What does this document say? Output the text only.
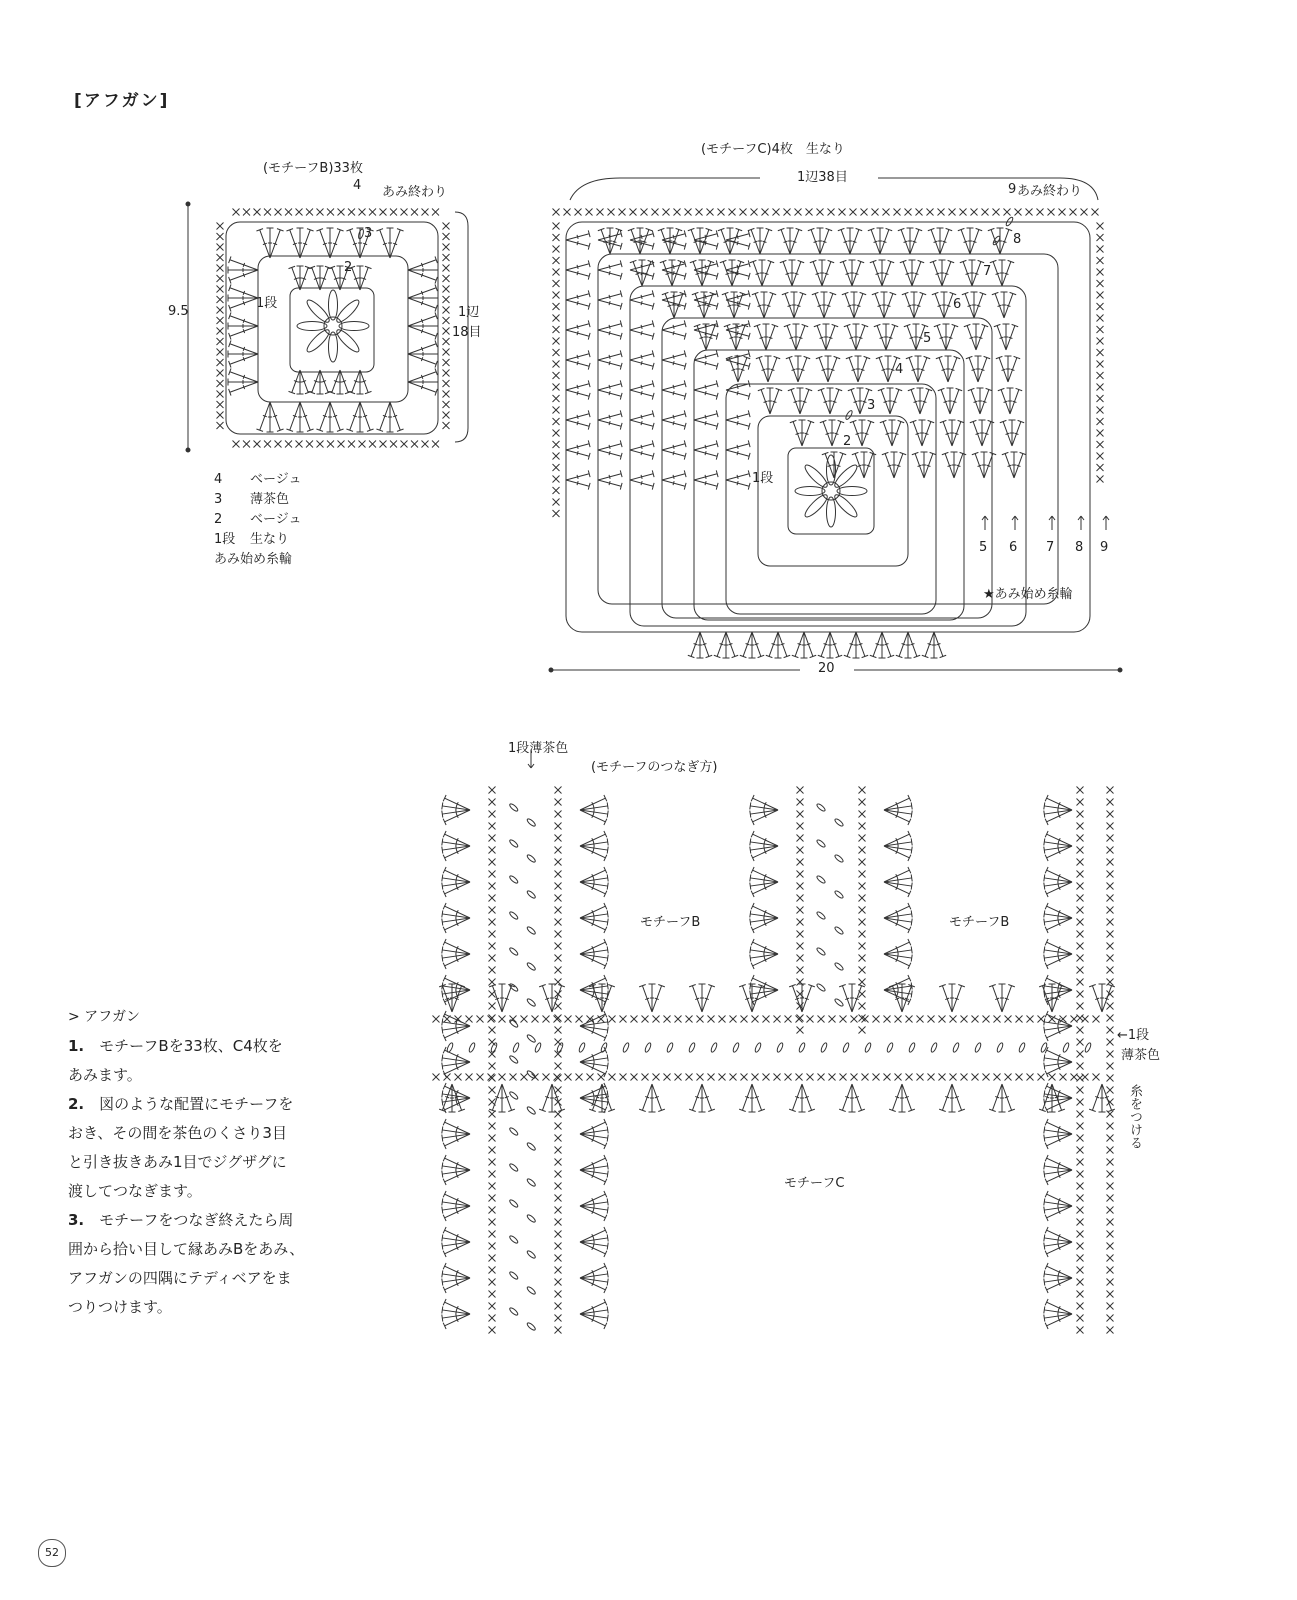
[アフガン]
(モチーフB)33枚
9.5	1辺
18目
あみ終わり
1段
2
3
4
4 ベージュ
3 薄茶色
2 ベージュ
1段 生なり
あみ始め糸輪
(モチーフC)4枚　生なり
1辺38目
あみ終わり
1段
2
3
4
5
6
7
8
9
5 6 7 8 9
★あみ始め糸輪
20
1段薄茶色
(モチーフのつなぎ方)
←1段
薄茶色
糸をつける
モチーフB	モチーフB
モチーフC
> アフガン
1.　 モチーフBを33枚、C4枚を
あみます。
2.　 図のような配置にモチーフを
おき、その間を茶色のくさり3目
と引き抜きあみ1目でジグザグに
渡してつなぎます。
3.　 モチーフをつなぎ終えたら周
囲から拾い目して縁あみBをあみ、
アフガンの四隅にテディベアをま
つりつけます。
52
